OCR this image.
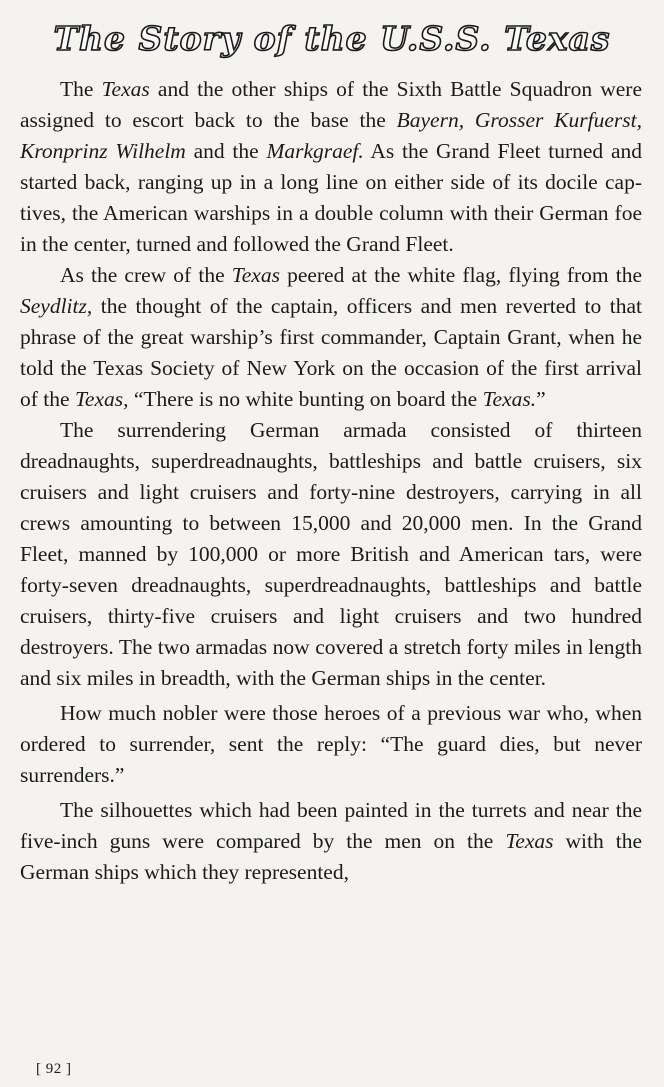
The Story of the U.S.S. Texas

The Texas and the other ships of the Sixth Battle Squadron were assigned to escort back to the base the Bayern, Grosser Kurfuerst, Kronprinz Wilhelm and the Markgraef. As the Grand Fleet turned and started back, ranging up in a long line on either side of its docile captives, the American warships in a double column with their German foe in the center, turned and followed the Grand Fleet.

As the crew of the Texas peered at the white flag, flying from the Seydlitz, the thought of the captain, officers and men reverted to that phrase of the great warship’s first commander, Captain Grant, when he told the Texas Society of New York on the occasion of the first arrival of the Texas, “There is no white bunting on board the Texas.”

The surrendering German armada consisted of thirteen dreadnaughts, superdreadnaughts, battleships and battle cruisers, six cruisers and light cruisers and forty-nine destroyers, carrying in all crews amounting to between 15,000 and 20,000 men. In the Grand Fleet, manned by 100,000 or more British and American tars, were forty-seven dreadnaughts, superdreadnaughts, battleships and battle cruisers, thirty-five cruisers and light cruisers and two hundred destroyers. The two armadas now covered a stretch forty miles in length and six miles in breadth, with the German ships in the center.

How much nobler were those heroes of a previous war who, when ordered to surrender, sent the reply: “The guard dies, but never surrenders.”

The silhouettes which had been painted in the turrets and near the five-inch guns were compared by the men on the Texas with the German ships which they represented,

[ 92 ]
